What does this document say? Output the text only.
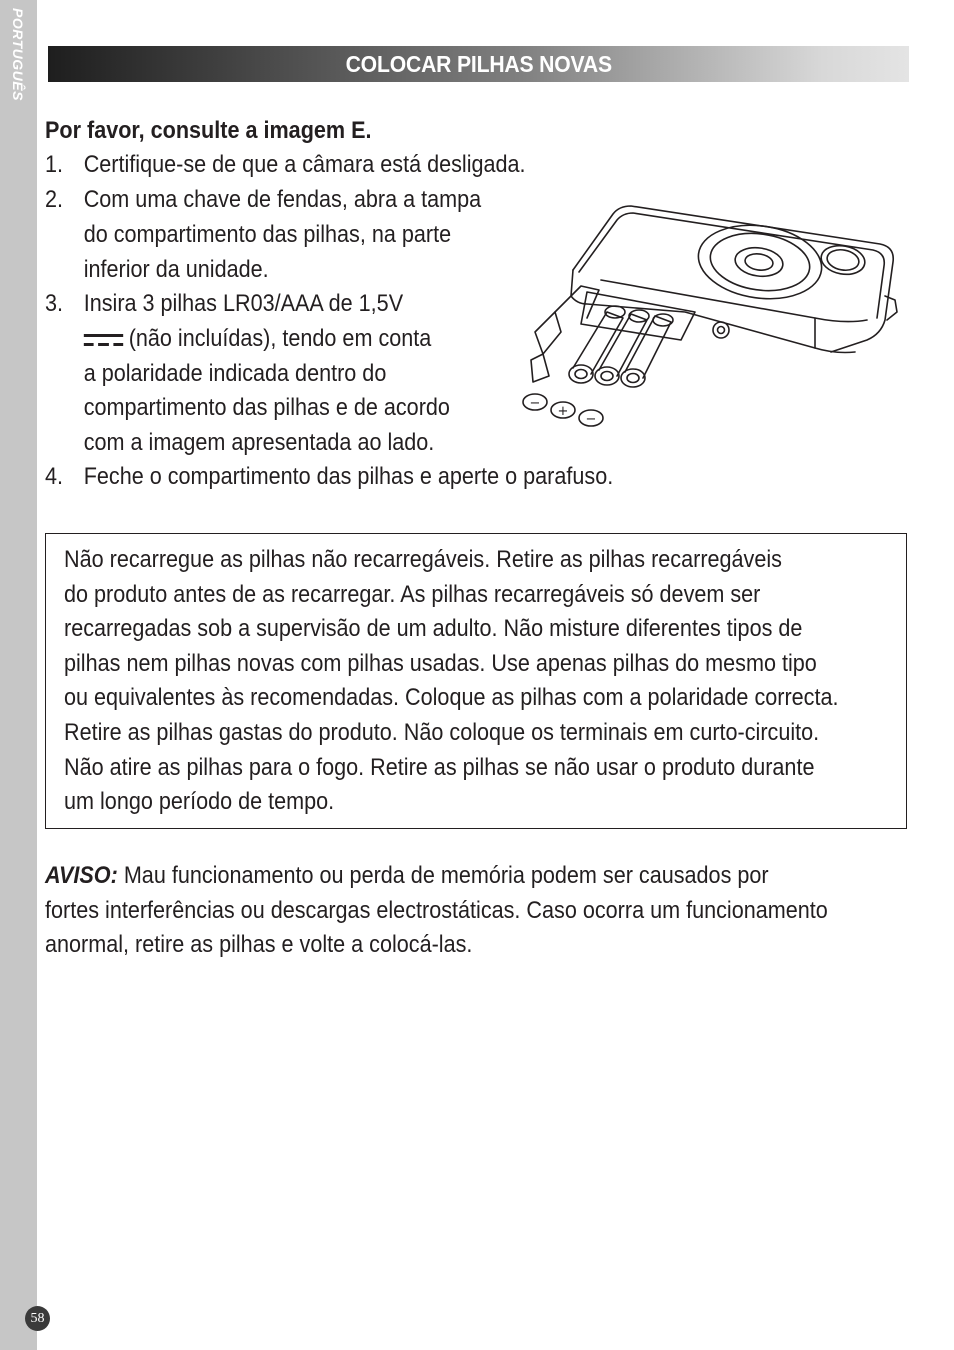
PORTUGUÊS	COLOCAR PILHAS NOVAS
Por favor, consulte a imagem E.
1. Certifique-se de que a câmara está desligada.
2. Com uma chave de fendas, abra a tampa
do compartimento das pilhas, na parte
inferior da unidade.
3. Insira 3 pilhas LR03/AAA de 1,5V
(não incluídas), tendo em conta
a polaridade indicada dentro do
compartimento das pilhas e de acordo
com a imagem apresentada ao lado.
4. Feche o compartimento das pilhas e aperte o parafuso.
−
+
−
Não recarregue as pilhas não recarregáveis. Retire as pilhas recarregáveis
do produto antes de as recarregar. As pilhas recarregáveis só devem ser
recarregadas sob a supervisão de um adulto. Não misture diferentes tipos de
pilhas nem pilhas novas com pilhas usadas. Use apenas pilhas do mesmo tipo
ou equivalentes às recomendadas. Coloque as pilhas com a polaridade correcta.
Retire as pilhas gastas do produto. Não coloque os terminais em curto-circuito.
Não atire as pilhas para o fogo. Retire as pilhas se não usar o produto durante
um longo período de tempo.
AVISO: Mau funcionamento ou perda de memória podem ser causados por
fortes interferências ou descargas electrostáticas. Caso ocorra um funcionamento
anormal, retire as pilhas e volte a colocá-las.
58
